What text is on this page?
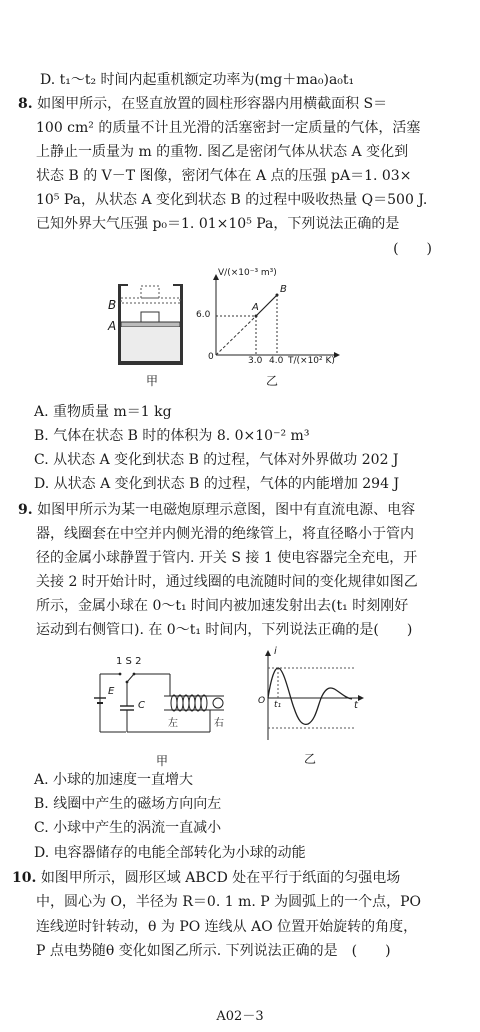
D. t₁～t₂ 时间内起重机额定功率为(mg＋ma₀)a₀t₁
8. 如图甲所示，在竖直放置的圆柱形容器内用横截面积 S＝
100 cm² 的质量不计且光滑的活塞密封一定质量的气体，活塞
上静止一质量为 m 的重物. 图乙是密闭气体从状态 A 变化到
状态 B 的 V－T 图像，密闭气体在 A 点的压强 pA＝1. 03×
10⁵ Pa，从状态 A 变化到状态 B 的过程中吸收热量 Q＝500 J.
已知外界大气压强 p₀＝1. 01×10⁵ Pa，下列说法正确的是
(　　)
B
A
甲
V/(×10⁻³ m³)
6.0
0	3.0 4.0 T/(×10² K)
A
B
乙
A. 重物质量 m＝1 kg
B. 气体在状态 B 时的体积为 8. 0×10⁻² m³
C. 从状态 A 变化到状态 B 的过程，气体对外界做功 202 J
D. 从状态 A 变化到状态 B 的过程，气体的内能增加 294 J
9. 如图甲所示为某一电磁炮原理示意图，图中有直流电源、电容
器，线圈套在中空并内侧光滑的绝缘管上，将直径略小于管内
径的金属小球静置于管内. 开关 S 接 1 使电容器完全充电，开
关接 2 时开始计时，通过线圈的电流随时间的变化规律如图乙
所示，金属小球在 0～t₁ 时间内被加速发射出去(t₁ 时刻刚好
运动到右侧管口). 在 0～t₁ 时间内，下列说法正确的是(　　)
1 S 2
E
C
左	右
甲
i
t
O t₁
乙
A. 小球的加速度一直增大
B. 线圈中产生的磁场方向向左
C. 小球中产生的涡流一直减小
D. 电容器储存的电能全部转化为小球的动能
10. 如图甲所示，圆形区域 ABCD 处在平行于纸面的匀强电场
中，圆心为 O，半径为 R＝0. 1 m. P 为圆弧上的一个点，PO
连线逆时针转动，θ 为 PO 连线从 AO 位置开始旋转的角度，
P 点电势随θ 变化如图乙所示. 下列说法正确的是　(　　)
A02－3
